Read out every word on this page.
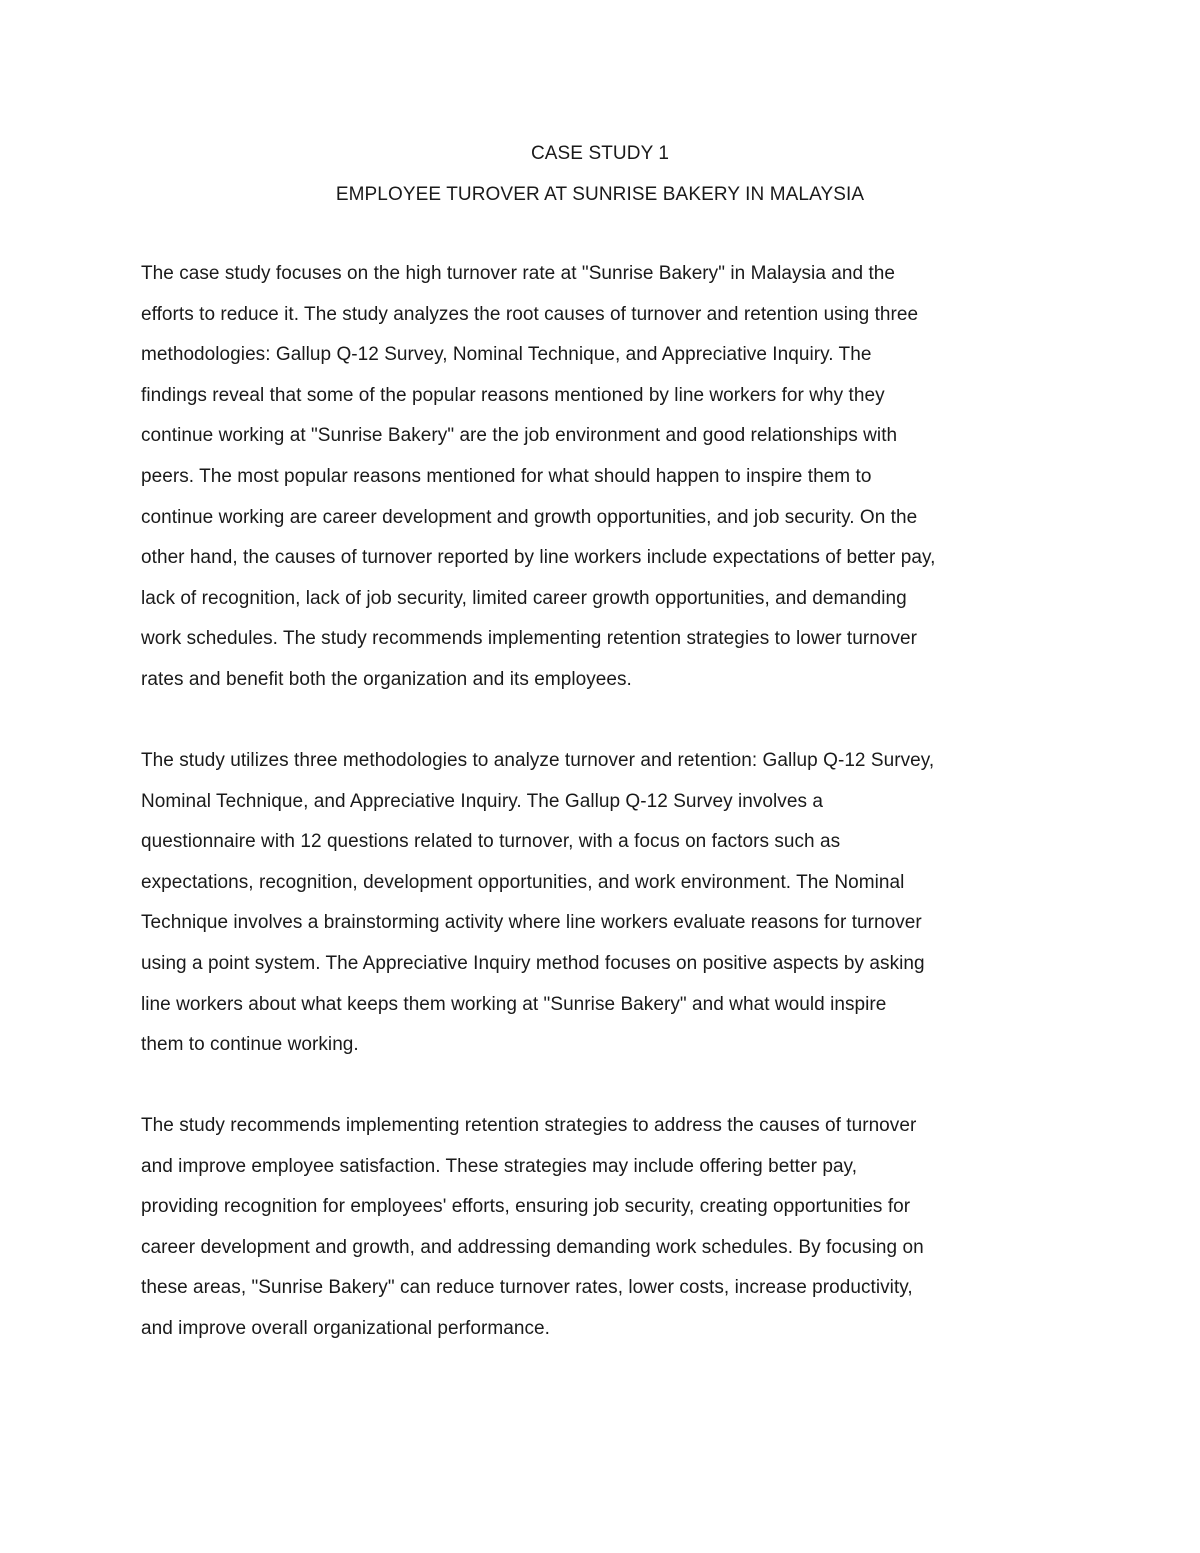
CASE STUDY 1
EMPLOYEE TUROVER AT SUNRISE BAKERY IN MALAYSIA

The case study focuses on the high turnover rate at "Sunrise Bakery" in Malaysia and the
efforts to reduce it. The study analyzes the root causes of turnover and retention using three
methodologies: Gallup Q-12 Survey, Nominal Technique, and Appreciative Inquiry. The
findings reveal that some of the popular reasons mentioned by line workers for why they
continue working at "Sunrise Bakery" are the job environment and good relationships with
peers. The most popular reasons mentioned for what should happen to inspire them to
continue working are career development and growth opportunities, and job security. On the
other hand, the causes of turnover reported by line workers include expectations of better pay,
lack of recognition, lack of job security, limited career growth opportunities, and demanding
work schedules. The study recommends implementing retention strategies to lower turnover
rates and benefit both the organization and its employees.

The study utilizes three methodologies to analyze turnover and retention: Gallup Q-12 Survey,
Nominal Technique, and Appreciative Inquiry. The Gallup Q-12 Survey involves a
questionnaire with 12 questions related to turnover, with a focus on factors such as
expectations, recognition, development opportunities, and work environment. The Nominal
Technique involves a brainstorming activity where line workers evaluate reasons for turnover
using a point system. The Appreciative Inquiry method focuses on positive aspects by asking
line workers about what keeps them working at "Sunrise Bakery" and what would inspire
them to continue working.

The study recommends implementing retention strategies to address the causes of turnover
and improve employee satisfaction. These strategies may include offering better pay,
providing recognition for employees' efforts, ensuring job security, creating opportunities for
career development and growth, and addressing demanding work schedules. By focusing on
these areas, "Sunrise Bakery" can reduce turnover rates, lower costs, increase productivity,
and improve overall organizational performance.
